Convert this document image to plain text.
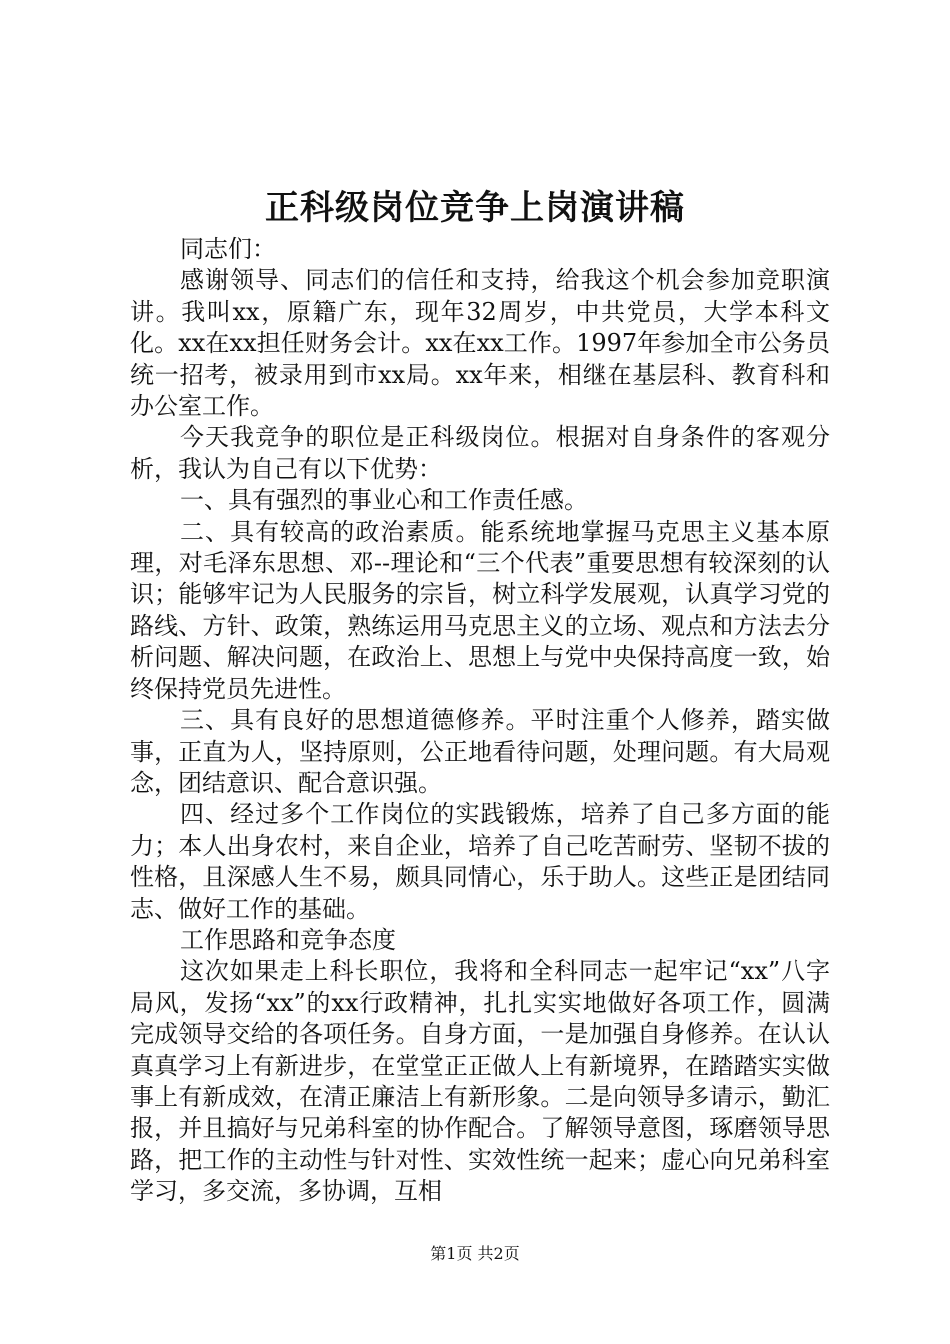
正科级岗位竞争上岗演讲稿

同志们：

感谢领导、同志们的信任和支持，给我这个机会参加竞职演讲。我叫xx，原籍广东，现年32周岁，中共党员，大学本科文化。xx在xx担任财务会计。xx在xx工作。1997年参加全市公务员统一招考，被录用到市xx局。xx年来，相继在基层科、教育科和办公室工作。

今天我竞争的职位是正科级岗位。根据对自身条件的客观分析，我认为自己有以下优势：

一、具有强烈的事业心和工作责任感。

二、具有较高的政治素质。能系统地掌握马克思主义基本原理，对毛泽东思想、邓--理论和“三个代表”重要思想有较深刻的认识；能够牢记为人民服务的宗旨，树立科学发展观，认真学习党的路线、方针、政策，熟练运用马克思主义的立场、观点和方法去分析问题、解决问题，在政治上、思想上与党中央保持高度一致，始终保持党员先进性。

三、具有良好的思想道德修养。平时注重个人修养，踏实做事，正直为人，坚持原则，公正地看待问题，处理问题。有大局观念，团结意识、配合意识强。

四、经过多个工作岗位的实践锻炼，培养了自己多方面的能力；本人出身农村，来自企业，培养了自己吃苦耐劳、坚韧不拔的性格，且深感人生不易，颇具同情心，乐于助人。这些正是团结同志、做好工作的基础。

工作思路和竞争态度

这次如果走上科长职位，我将和全科同志一起牢记“xx”八字局风，发扬“xx”的xx行政精神，扎扎实实地做好各项工作，圆满完成领导交给的各项任务。自身方面，一是加强自身修养。在认认真真学习上有新进步，在堂堂正正做人上有新境界，在踏踏实实做事上有新成效，在清正廉洁上有新形象。二是向领导多请示，勤汇报，并且搞好与兄弟科室的协作配合。了解领导意图，琢磨领导思路，把工作的主动性与针对性、实效性统一起来；虚心向兄弟科室学习，多交流，多协调，互相

第1页 共2页
